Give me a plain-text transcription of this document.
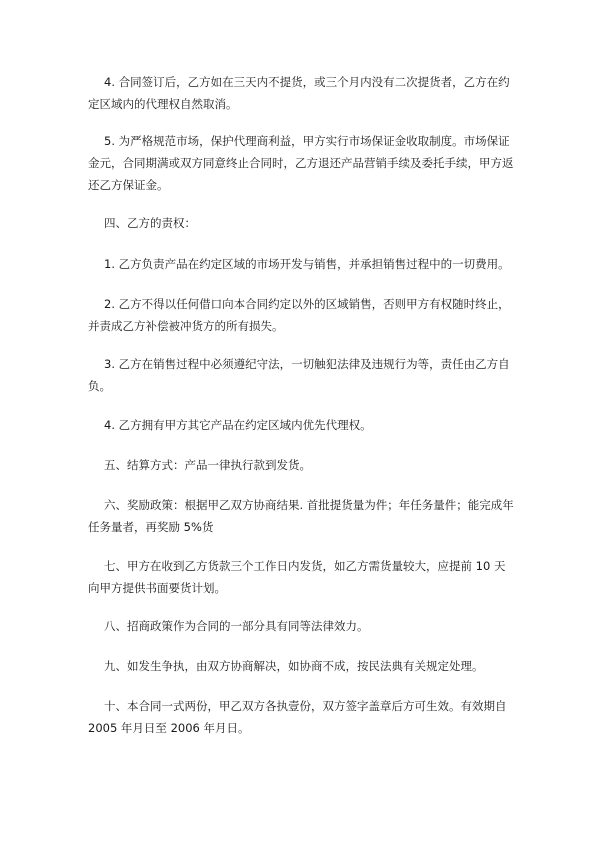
4. 合同签订后，乙方如在三天内不提货，或三个月内没有二次提货者，乙方在约
定区域内的代理权自然取消。

5. 为严格规范市场，保护代理商利益，甲方实行市场保证金收取制度。市场保证
金元，合同期满或双方同意终止合同时，乙方退还产品营销手续及委托手续，甲方返
还乙方保证金。

四、乙方的责权：

1. 乙方负责产品在约定区域的市场开发与销售，并承担销售过程中的一切费用。

2. 乙方不得以任何借口向本合同约定以外的区域销售，否则甲方有权随时终止，
并责成乙方补偿被冲货方的所有损失。

3. 乙方在销售过程中必须遵纪守法，一切触犯法律及违规行为等，责任由乙方自
负。

4. 乙方拥有甲方其它产品在约定区域内优先代理权。

五、结算方式：产品一律执行款到发货。

六、奖励政策：根据甲乙双方协商结果. 首批提货量为件；年任务量件；能完成年
任务量者，再奖励 5%货

七、甲方在收到乙方货款三个工作日内发货，如乙方需货量较大，应提前 10 天
向甲方提供书面要货计划。

八、招商政策作为合同的一部分具有同等法律效力。

九、如发生争执，由双方协商解决，如协商不成，按民法典有关规定处理。

十、本合同一式两份，甲乙双方各执壹份，双方签字盖章后方可生效。有效期自
2005 年月日至 2006 年月日。
